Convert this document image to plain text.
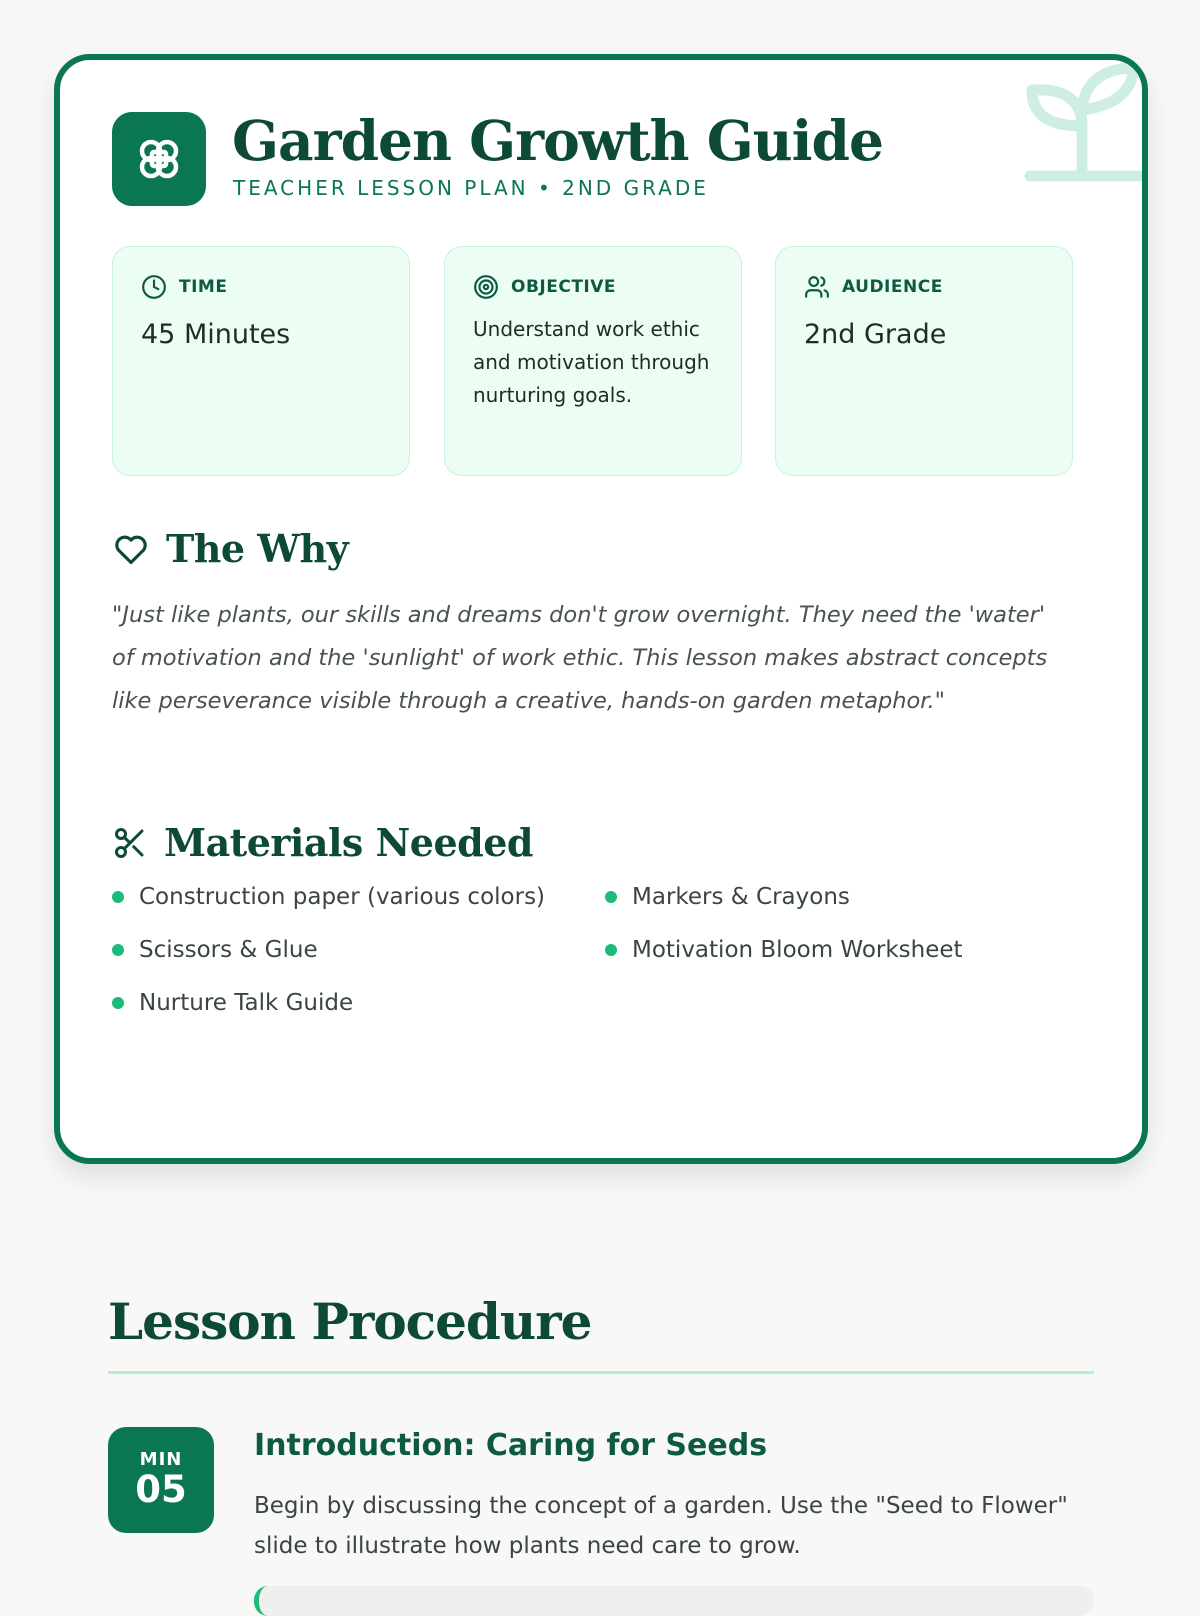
Garden Growth Guide
TEACHER LESSON PLAN • 2ND GRADE
TIME
45 Minutes
OBJECTIVE
Understand work ethic and motivation through nurturing goals.
AUDIENCE
2nd Grade
The Why
"Just like plants, our skills and dreams don't grow overnight. They need the 'water' of motivation and the 'sunlight' of work ethic. This lesson makes abstract concepts like perseverance visible through a creative, hands-on garden metaphor."
Materials Needed
Construction paper (various colors)	Markers & Crayons
Scissors & Glue	Motivation Bloom Worksheet
Nurture Talk Guide
Lesson Procedure
MIN
05
Introduction: Caring for Seeds
Begin by discussing the concept of a garden. Use the "Seed to Flower" slide to illustrate how plants need care to grow.
